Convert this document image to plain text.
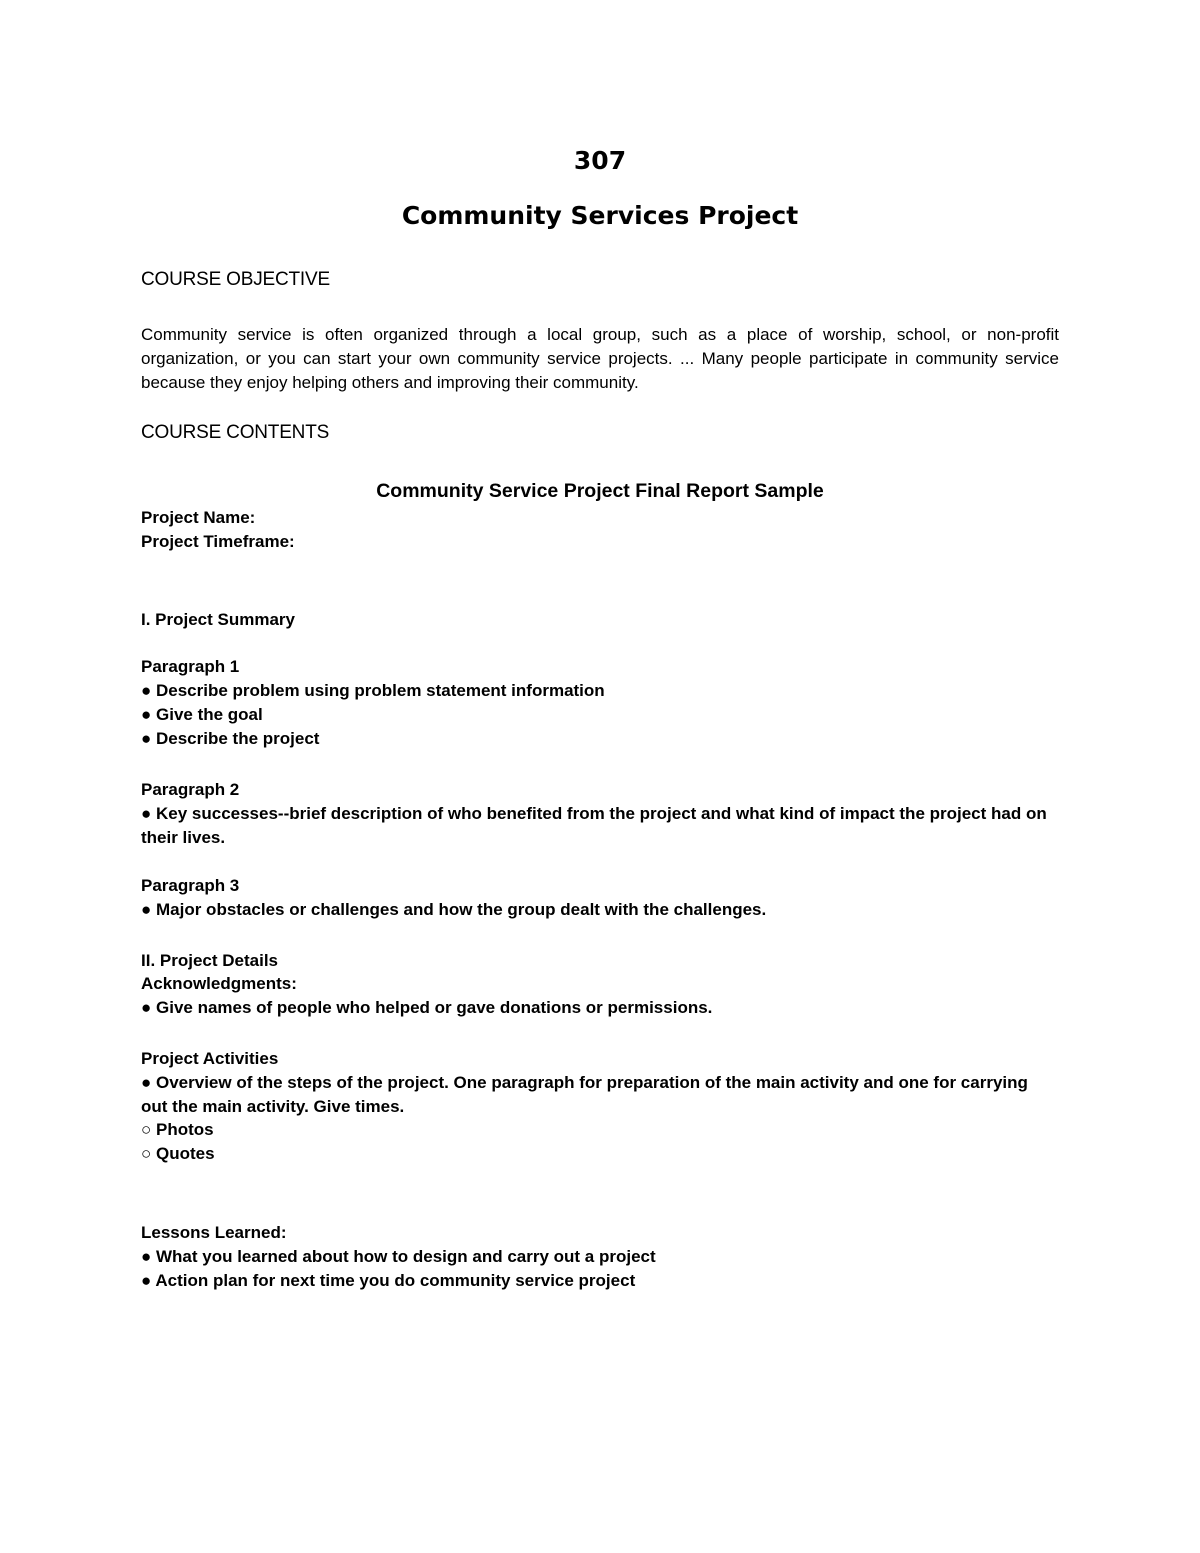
307
Community Services Project
COURSE OBJECTIVE
Community service is often organized through a local group, such as a place of worship, school, or non-profit organization, or you can start your own community service projects. ... Many people participate in community service because they enjoy helping others and improving their community.
COURSE CONTENTS
Community Service Project Final Report Sample
Project Name:
Project Timeframe:
I. Project Summary
Paragraph 1
● Describe problem using problem statement information
● Give the goal
● Describe the project
Paragraph 2
● Key successes--brief description of who benefited from the project and what kind of impact the project had on their lives.
Paragraph 3
● Major obstacles or challenges and how the group dealt with the challenges.
II. Project Details
Acknowledgments:
● Give names of people who helped or gave donations or permissions.
Project Activities
● Overview of the steps of the project. One paragraph for preparation of the main activity and one for carrying out the main activity. Give times.
○ Photos
○ Quotes
Lessons Learned:
● What you learned about how to design and carry out a project
● Action plan for next time you do community service project
